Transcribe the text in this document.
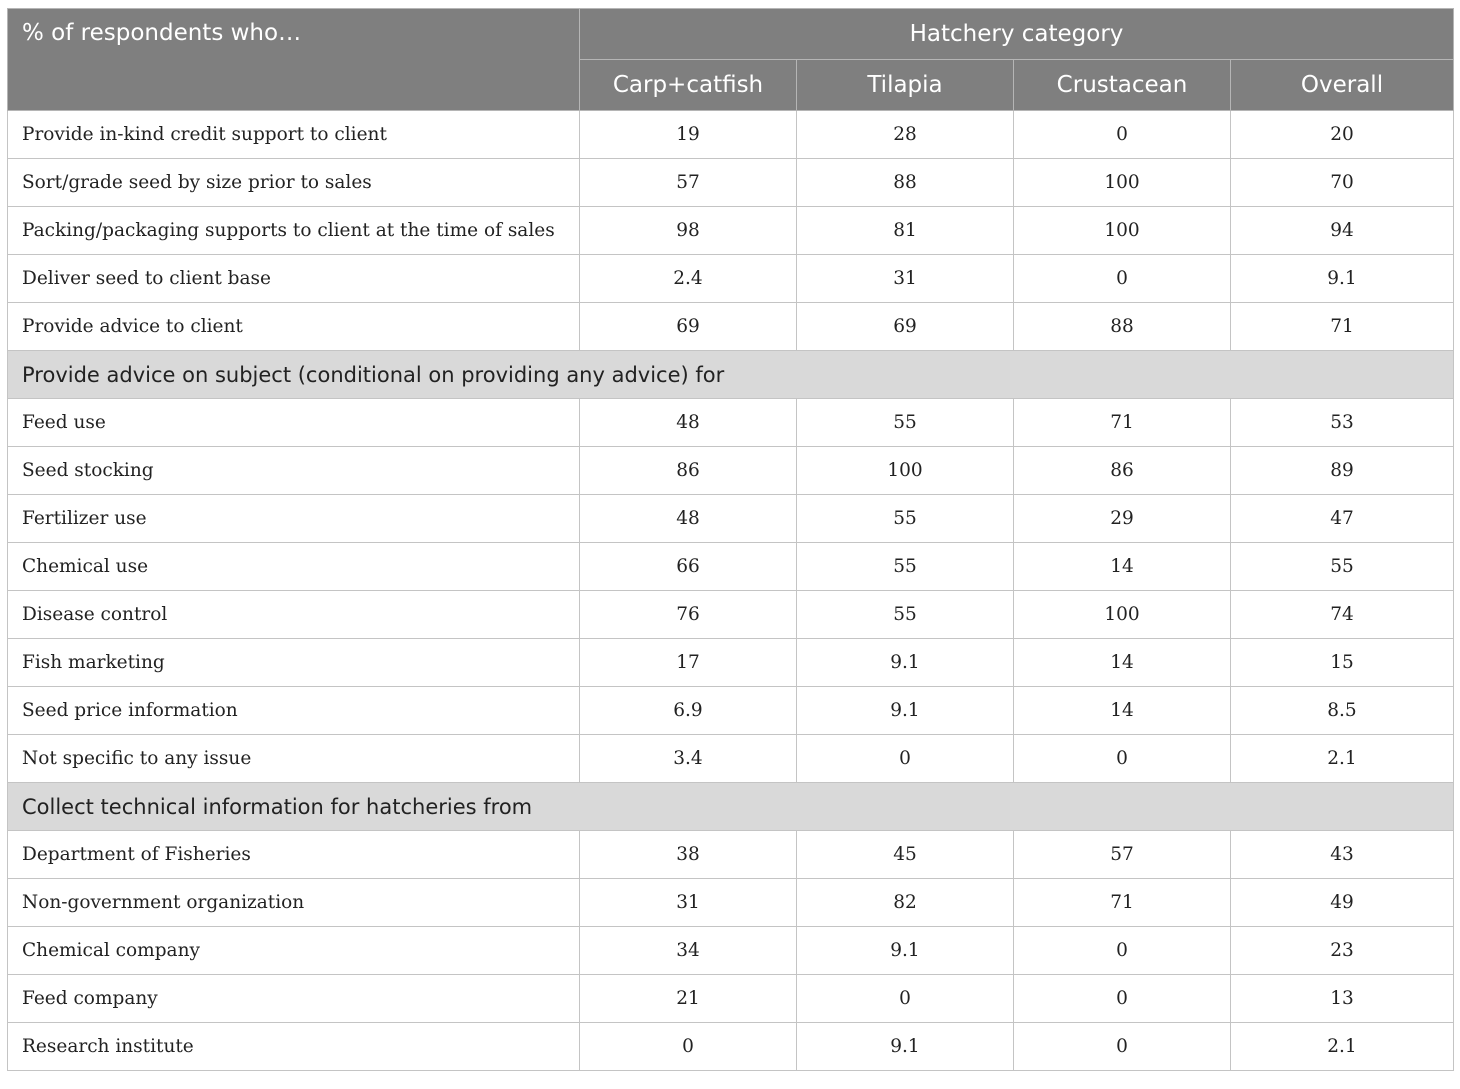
% of respondents who…	Hatchery category			
	Carp+catfish	Tilapia	Crustacean	Overall
Provide in-kind credit support to client	19	28	0	20
Sort/grade seed by size prior to sales	57	88	100	70
Packing/packaging supports to client at the time of sales	98	81	100	94
Deliver seed to client base	2.4	31	0	9.1
Provide advice to client	69	69	88	71
Provide advice on subject (conditional on providing any advice) for				
Feed use	48	55	71	53
Seed stocking	86	100	86	89
Fertilizer use	48	55	29	47
Chemical use	66	55	14	55
Disease control	76	55	100	74
Fish marketing	17	9.1	14	15
Seed price information	6.9	9.1	14	8.5
Not specific to any issue	3.4	0	0	2.1
Collect technical information for hatcheries from				
Department of Fisheries	38	45	57	43
Non-government organization	31	82	71	49
Chemical company	34	9.1	0	23
Feed company	21	0	0	13
Research institute	0	9.1	0	2.1
